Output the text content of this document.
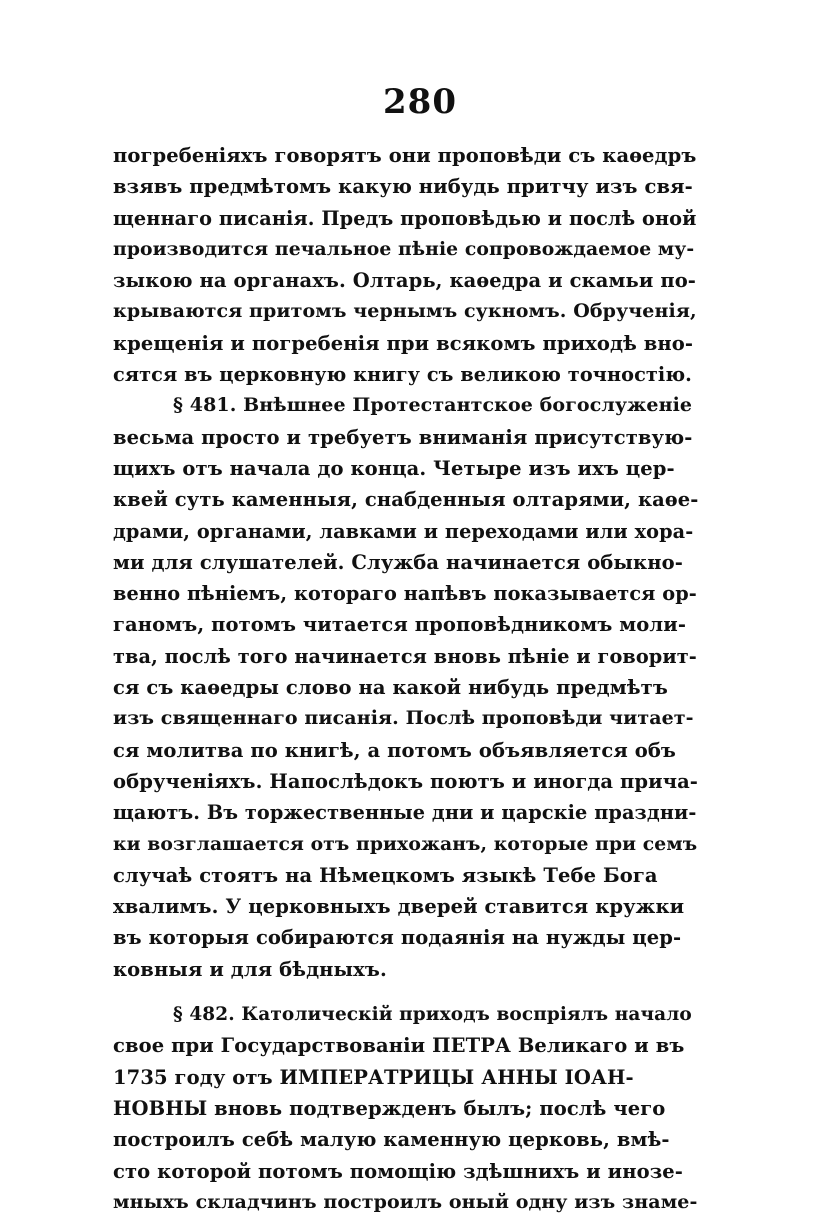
280
погребеніяхъ говорятъ они проповѣди съ каѳедръ
взявъ предмѣтомъ какую нибудь притчу изъ свя-
щеннаго писанія. Предъ проповѣдью и послѣ оной
производится печальное пѣніе сопровождаемое му-
зыкою на органахъ. Олтарь, каѳедра и скамьи по-
крываются притомъ чернымъ сукномъ. Обрученія,
крещенія и погребенія при всякомъ приходѣ вно-
сятся въ церковную книгу съ великою точностію.
§ 481. Внѣшнее Протестантское богослуженіе
весьма просто и требуетъ вниманія присутствую-
щихъ отъ начала до конца. Четыре изъ ихъ цер-
квей суть каменныя, снабденныя олтарями, каѳе-
драми, органами, лавками и переходами или хора-
ми для слушателей. Служба начинается обыкно-
венно пѣніемъ, котораго напѣвъ показывается ор-
ганомъ, потомъ читается проповѣдникомъ моли-
тва, послѣ того начинается вновь пѣніе и говорит-
ся съ каѳедры слово на какой нибудь предмѣтъ
изъ священнаго писанія. Послѣ проповѣди читает-
ся молитва по книгѣ, а потомъ объявляется объ
обрученіяхъ. Напослѣдокъ поютъ и иногда прича-
щаютъ. Въ торжественные дни и царскіе праздни-
ки возглашается отъ прихожанъ, которые при семъ
случаѣ стоятъ на Нѣмецкомъ языкѣ Тебе Бога
хвалимъ. У церковныхъ дверей ставится кружки
въ которыя собираются подаянія на нужды цер-
ковныя и для бѣдныхъ.
§ 482. Католическій приходъ воспріялъ начало
свое при Государствованіи ПЕТРА Великаго и въ
1735 году отъ ИМПЕРАТРИЦЫ АННЫ ІОАН-
НОВНЫ вновь подтвержденъ былъ; послѣ чего
построилъ себѣ малую каменную церковь, вмѣ-
сто которой потомъ помощію здѣшнихъ и инозе-
мныхъ складчинъ построилъ оный одну изъ знаме-
